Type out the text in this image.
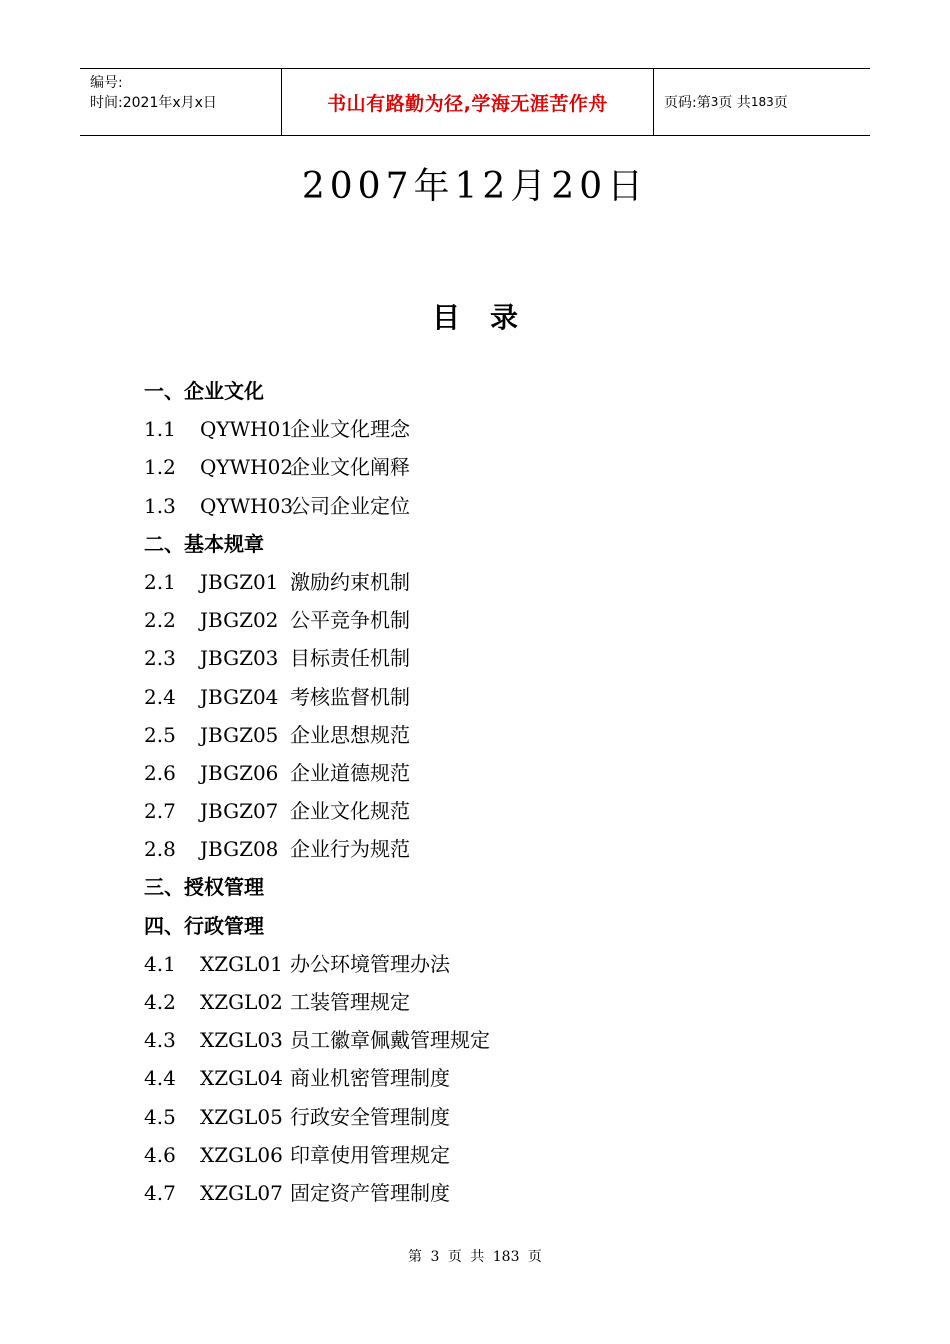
编号:
时间:2021年x月x日	书山有路勤为径,学海无涯苦作舟	页码:第 3 页 共 183 页
2007年12月20日
目录
一、企业文化
1.1 QYWH01企业文化理念
1.2 QYWH02企业文化阐释
1.3 QYWH03公司企业定位
二、基本规章
2.1 JBGZ01 激励约束机制
2.2 JBGZ02 公平竞争机制
2.3 JBGZ03 目标责任机制
2.4 JBGZ04 考核监督机制
2.5 JBGZ05 企业思想规范
2.6 JBGZ06 企业道德规范
2.7 JBGZ07 企业文化规范
2.8 JBGZ08 企业行为规范
三、授权管理
四、行政管理
4.1 XZGL01 办公环境管理办法
4.2 XZGL02 工装管理规定
4.3 XZGL03 员工徽章佩戴管理规定
4.4 XZGL04 商业机密管理制度
4.5 XZGL05 行政安全管理制度
4.6 XZGL06 印章使用管理规定
4.7 XZGL07 固定资产管理制度
第 3 页 共 183 页
